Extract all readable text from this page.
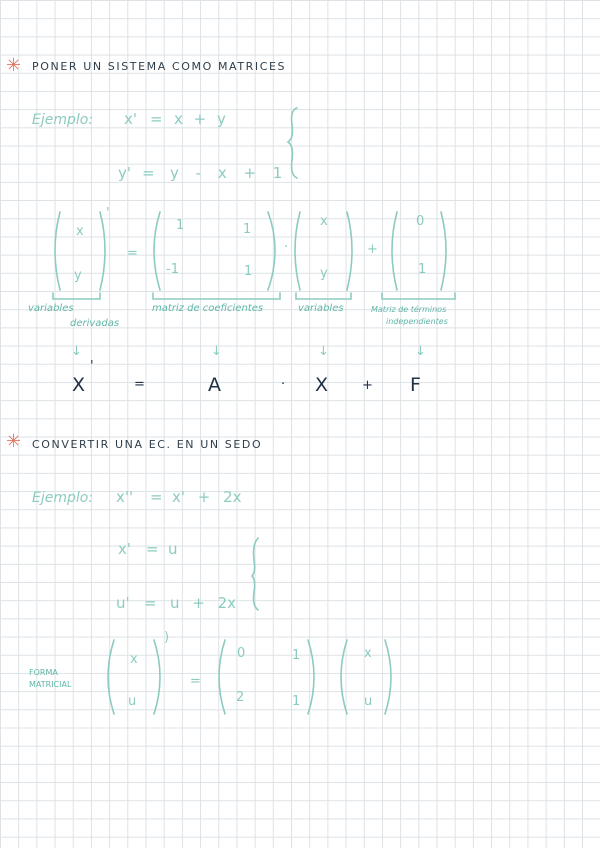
✳ PONER UN SISTEMA COMO MATRICES
Ejemplo: x' = x + y
y' = y - x + 1
x
y
'
=
1	1
-1	1
·
x
y
+
0
1
variables
derivadas
matriz de coeficientes	variables	Matriz de términos
independientes
↓	↓	↓	↓
X
'
=	A	· X	+ F
✳ CONVERTIR UNA EC. EN UN SEDO
Ejemplo: x'' = x' + 2x
x' = u
u' = u + 2x
FORMA
MATRICIAL
x
u
)
=
0	1
2	1
x
u
